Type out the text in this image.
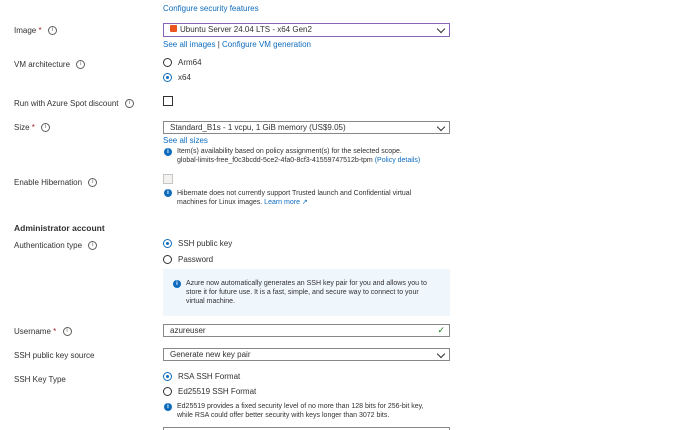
Configure security features
Image * i	Ubuntu Server 24.04 LTS - x64 Gen2
See all images | Configure VM generation
VM architecture i	Arm64
x64
Run with Azure Spot discount i
Size * i	Standard_B1s - 1 vcpu, 1 GiB memory (US$9.05)
See all sizes
i	Item(s) availability based on policy assignment(s) for the selected scope.
global-limits-free_f0c3bcdd-5ce2-4fa0-8cf3-41559747512b-tpm (Policy details)
Enable Hibernation i
i	Hibernate does not currently support Trusted launch and Confidential virtual
machines for Linux images. Learn more ↗
Administrator account
Authentication type i	SSH public key
Password
i	Azure now automatically generates an SSH key pair for you and allows you to
store it for future use. It is a fast, simple, and secure way to connect to your
virtual machine.
Username * i	azureuser	✓
SSH public key source	Generate new key pair
SSH Key Type	RSA SSH Format
Ed25519 SSH Format
i	Ed25519 provides a fixed security level of no more than 128 bits for 256-bit key,
while RSA could offer better security with keys longer than 3072 bits.
